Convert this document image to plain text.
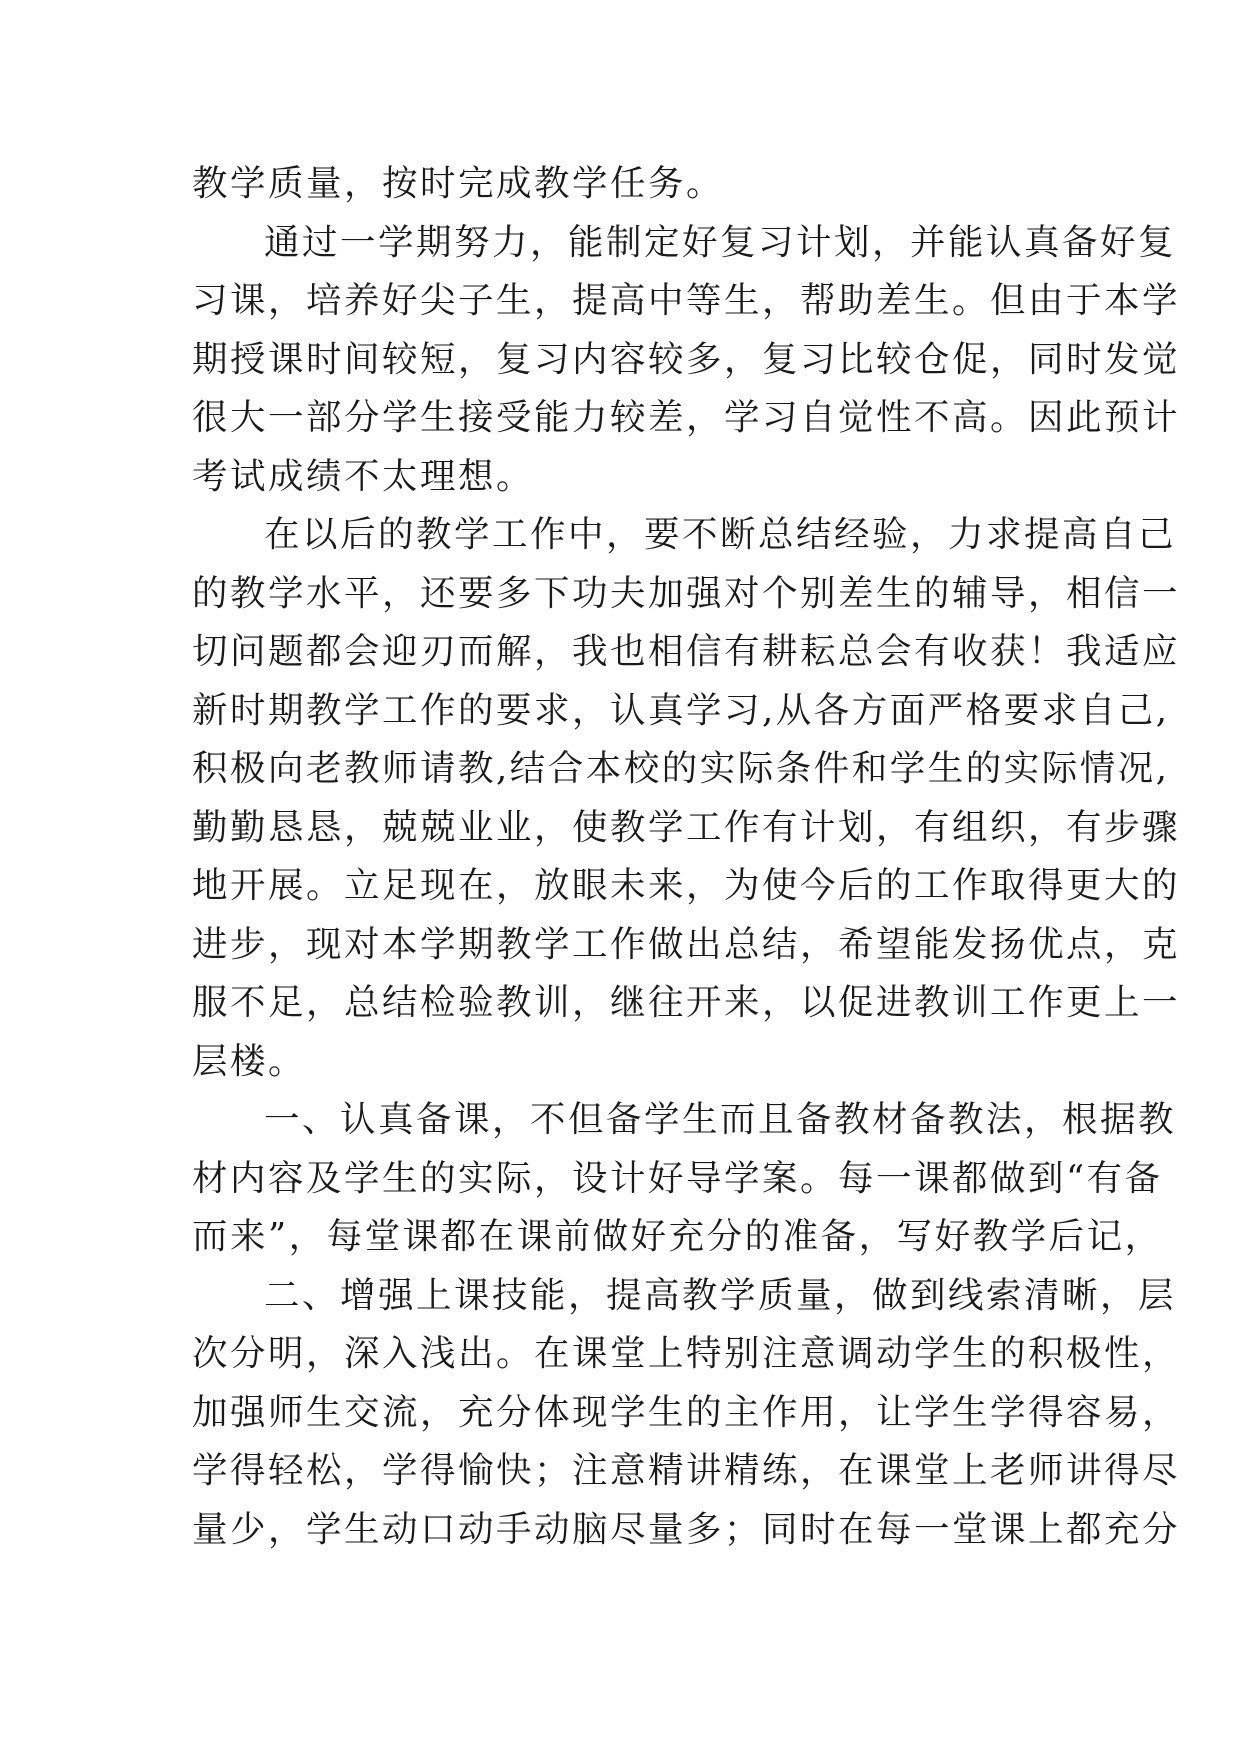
教学质量，按时完成教学任务。
通过一学期努力，能制定好复习计划，并能认真备好复
习课，培养好尖子生，提高中等生，帮助差生。但由于本学
期授课时间较短，复习内容较多，复习比较仓促，同时发觉
很大一部分学生接受能力较差，学习自觉性不高。因此预计
考试成绩不太理想。
在以后的教学工作中，要不断总结经验，力求提高自己
的教学水平，还要多下功夫加强对个别差生的辅导，相信一
切问题都会迎刃而解，我也相信有耕耘总会有收获！我适应
新时期教学工作的要求，认真学习,从各方面严格要求自己,
积极向老教师请教,结合本校的实际条件和学生的实际情况,
勤勤恳恳，兢兢业业，使教学工作有计划，有组织，有步骤
地开展。立足现在，放眼未来，为使今后的工作取得更大的
进步，现对本学期教学工作做出总结，希望能发扬优点，克
服不足，总结检验教训，继往开来，以促进教训工作更上一
层楼。
一、认真备课，不但备学生而且备教材备教法，根据教
材内容及学生的实际，设计好导学案。每一课都做到“有备
而来”，每堂课都在课前做好充分的准备，写好教学后记，
二、增强上课技能，提高教学质量，做到线索清晰，层
次分明，深入浅出。在课堂上特别注意调动学生的积极性，
加强师生交流，充分体现学生的主作用，让学生学得容易，
学得轻松，学得愉快；注意精讲精练，在课堂上老师讲得尽
量少，学生动口动手动脑尽量多；同时在每一堂课上都充分
